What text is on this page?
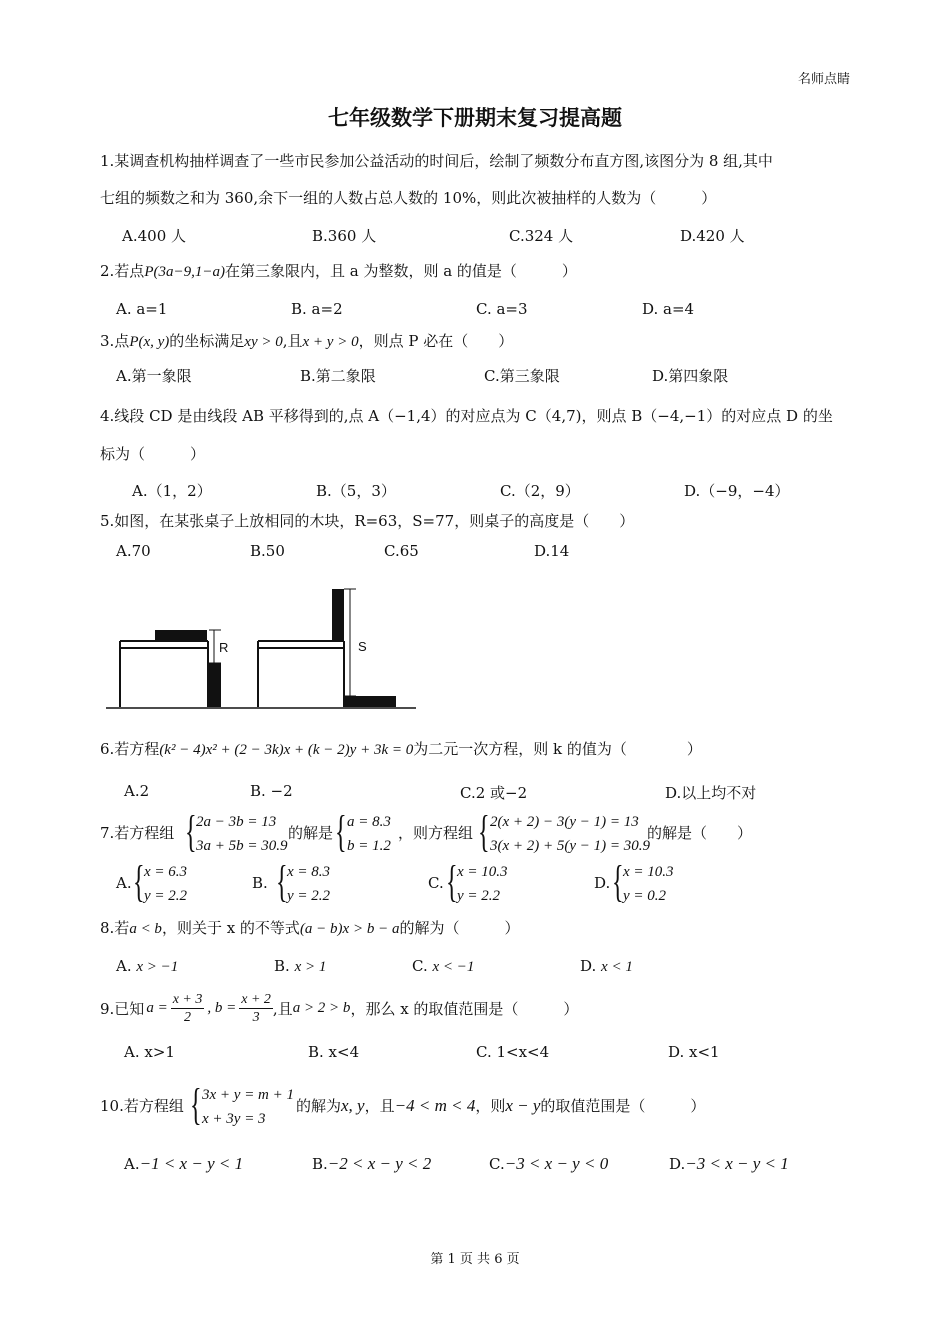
名师点睛
七年级数学下册期末复习提高题
1.某调查机构抽样调查了一些市民参加公益活动的时间后，绘制了频数分布直方图,该图分为 8 组,其中
七组的频数之和为 360,余下一组的人数占总人数的 10%，则此次被抽样的人数为（　　　）
A.400 人	B.360 人	C.324 人	D.420 人
2.若点P(3a−9,1−a)在第三象限内，且 a 为整数，则 a 的值是（　　　）
A. a=1	B. a=2	C. a=3	D. a=4
3.点P(x, y)的坐标满足xy > 0,且x + y > 0，则点 P 必在（　　）
A.第一象限	B.第二象限	C.第三象限	D.第四象限
4.线段 CD 是由线段 AB 平移得到的,点 A（−1,4）的对应点为 C（4,7)，则点 B（−4,−1）的对应点 D 的坐
标为（　　　）
A.（1，2）	B.（5，3）	C.（2，9）	D.（−9，−4）
5.如图，在某张桌子上放相同的木块，R=63，S=77，则桌子的高度是（　　）
A.70	B.50	C.65	D.14
R	S
6.若方程(k² − 4)x² + (2 − 3k)x + (k − 2)y + 3k = 0为二元一次方程，则 k 的值为（　　　　）
A.2	B. −2	C.2 或−2	D.以上均不对
7.若方程组 { 2a − 3b = 13
3a + 5b = 30.9
的解是 { a = 8.3
b = 1.2
，则方程组 { 2(x + 2) − 3(y − 1) = 13
3(x + 2) + 5(y − 1) = 30.9
的解是（　　）
A. { x = 6.3
y = 2.2
B. { x = 8.3
y = 2.2
C. { x = 10.3
y = 2.2
D. { x = 10.3
y = 0.2
8.若a < b，则关于 x 的不等式(a − b)x > b − a的解为（　　　）
A. x > −1	B. x > 1	C. x < −1	D. x < 1
9.已知 $a = \frac{x + 3}{2}$ , $b = \frac{x + 2}{3}$ ,且 a > 2 > b ，那么 x 的取值范围是（　　　）
A. x>1	B. x<4	C. 1<x<4	D. x<1
10.若方程组 { 3x + y = m + 1
x + 3y = 3
的解为x, y，且−4 < m < 4，则x − y的取值范围是（　　　）
A.−1 < x − y < 1	B.−2 < x − y < 2	C.−3 < x − y < 0	D.−3 < x − y < 1
第 1 页 共 6 页
